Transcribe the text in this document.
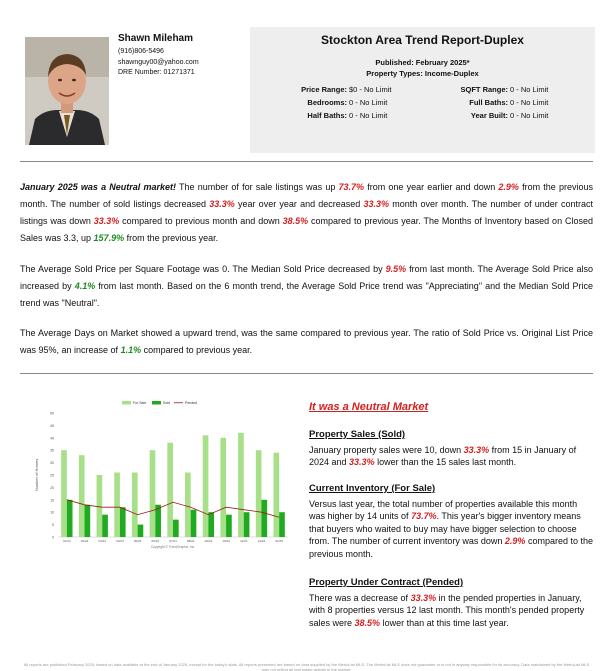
Shawn Mileham
(916)806-5496
shawnguy00@yahoo.com
DRE Number: 01271371
Stockton Area Trend Report-Duplex
Published: February 2025*
Property Types: Income-Duplex
Price Range: $0 - No Limit	SQFT Range: 0 - No Limit
Bedrooms: 0 - No Limit	Full Baths: 0 - No Limit
Half Baths: 0 - No Limit	Year Built: 0 - No Limit

January 2025 was a Neutral market! The number of for sale listings was up 73.7% from one year earlier and down 2.9% from the previous month. The number of sold listings decreased 33.3% year over year and decreased 33.3% month over month. The number of under contract listings was down 33.3% compared to previous month and down 38.5% compared to previous year. The Months of Inventory based on Closed Sales was 3.3, up 157.9% from the previous year.

The Average Sold Price per Square Footage was 0. The Median Sold Price decreased by 9.5% from last month. The Average Sold Price also increased by 4.1% from last month. Based on the 6 month trend, the Average Sold Price trend was "Appreciating" and the Median Sold Price trend was "Neutral".

The Average Days on Market showed a upward trend, was the same compared to previous year. The ratio of Sold Price vs. Original List Price was 95%, an increase of 1.1% compared to previous year.

0
5
10
15
20
25
30
35
40
45
50
01/24	02/24	03/24	04/24	05/24	06/24	07/24	08/24	09/24	10/24	11/24	12/24	01/25
Number of Homes
Copyright © TrendGraphix, Inc.
For Sale	Sold	Pended	It was a Neutral Market
Property Sales (Sold)

January property sales were 10, down 33.3% from 15 in January of 2024 and 33.3% lower than the 15 sales last month.

Current Inventory (For Sale)

Versus last year, the total number of properties available this month was higher by 14 units of 73.7%. This year's bigger inventory means that buyers who waited to buy may have bigger selection to choose from. The number of current inventory was down 2.9% compared to the previous month.

Property Under Contract (Pended)

There was a decrease of 33.3% in the pended properties in January, with 8 properties versus 12 last month. This month's pended property sales were 38.5% lower than at this time last year.

All reports are published February 2025, based on data available at the end of January 2025, except for the today's stats. All reports presented are based on data supplied by the MetroList MLS. The MetroList MLS does not guarantee or is not in anyway responsible for its accuracy. Data maintained by the MetroList MLS may not reflect all real estate activity in the market.
